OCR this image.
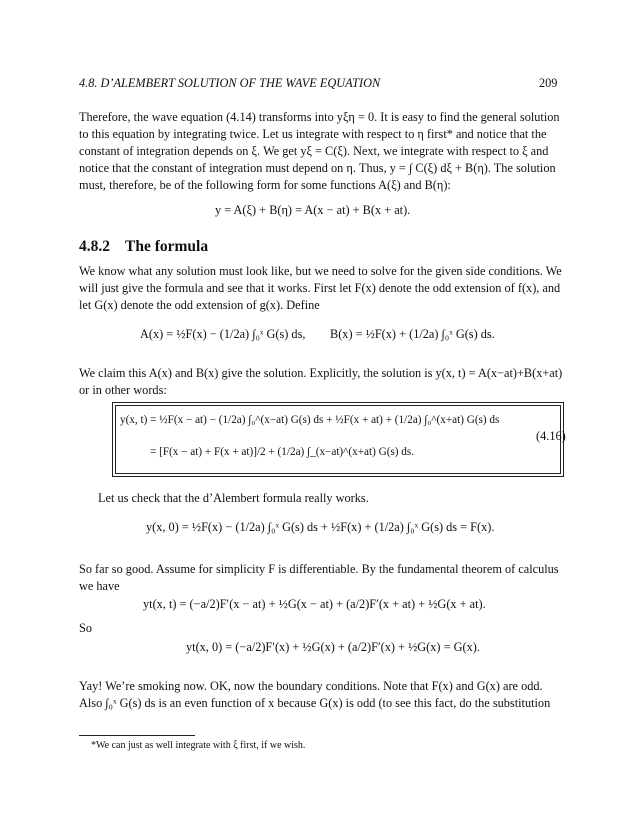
4.8. D’ALEMBERT SOLUTION OF THE WAVE EQUATION	209
Therefore, the wave equation (4.14) transforms into yξη = 0. It is easy to find the general solution
to this equation by integrating twice. Let us integrate with respect to η first* and notice that the
constant of integration depends on ξ. We get yξ = C(ξ). Next, we integrate with respect to ξ and
notice that the constant of integration must depend on η. Thus, y = ∫ C(ξ) dξ + B(η). The solution
must, therefore, be of the following form for some functions A(ξ) and B(η):
y = A(ξ) + B(η) = A(x − at) + B(x + at).
4.8.2 The formula
We know what any solution must look like, but we need to solve for the given side conditions. We
will just give the formula and see that it works. First let F(x) denote the odd extension of f(x), and
let G(x) denote the odd extension of g(x). Define
A(x) = ½F(x) − (1/2a) ∫₀ˣ G(s) ds, B(x) = ½F(x) + (1/2a) ∫₀ˣ G(s) ds.
We claim this A(x) and B(x) give the solution. Explicitly, the solution is y(x, t) = A(x−at)+B(x+at)
or in other words:
y(x, t) = ½F(x − at) − (1/2a) ∫₀^(x−at) G(s) ds + ½F(x + at) + (1/2a) ∫₀^(x+at) G(s) ds
= [F(x − at) + F(x + at)]/2 + (1/2a) ∫_(x−at)^(x+at) G(s) ds.
(4.16)
Let us check that the d’Alembert formula really works.
y(x, 0) = ½F(x) − (1/2a) ∫₀ˣ G(s) ds + ½F(x) + (1/2a) ∫₀ˣ G(s) ds = F(x).
So far so good. Assume for simplicity F is differentiable. By the fundamental theorem of calculus
we have
yt(x, t) = (−a/2)F′(x − at) + ½G(x − at) + (a/2)F′(x + at) + ½G(x + at).
So
yt(x, 0) = (−a/2)F′(x) + ½G(x) + (a/2)F′(x) + ½G(x) = G(x).
Yay! We’re smoking now. OK, now the boundary conditions. Note that F(x) and G(x) are odd.
Also ∫₀ˣ G(s) ds is an even function of x because G(x) is odd (to see this fact, do the substitution
*We can just as well integrate with ξ first, if we wish.
